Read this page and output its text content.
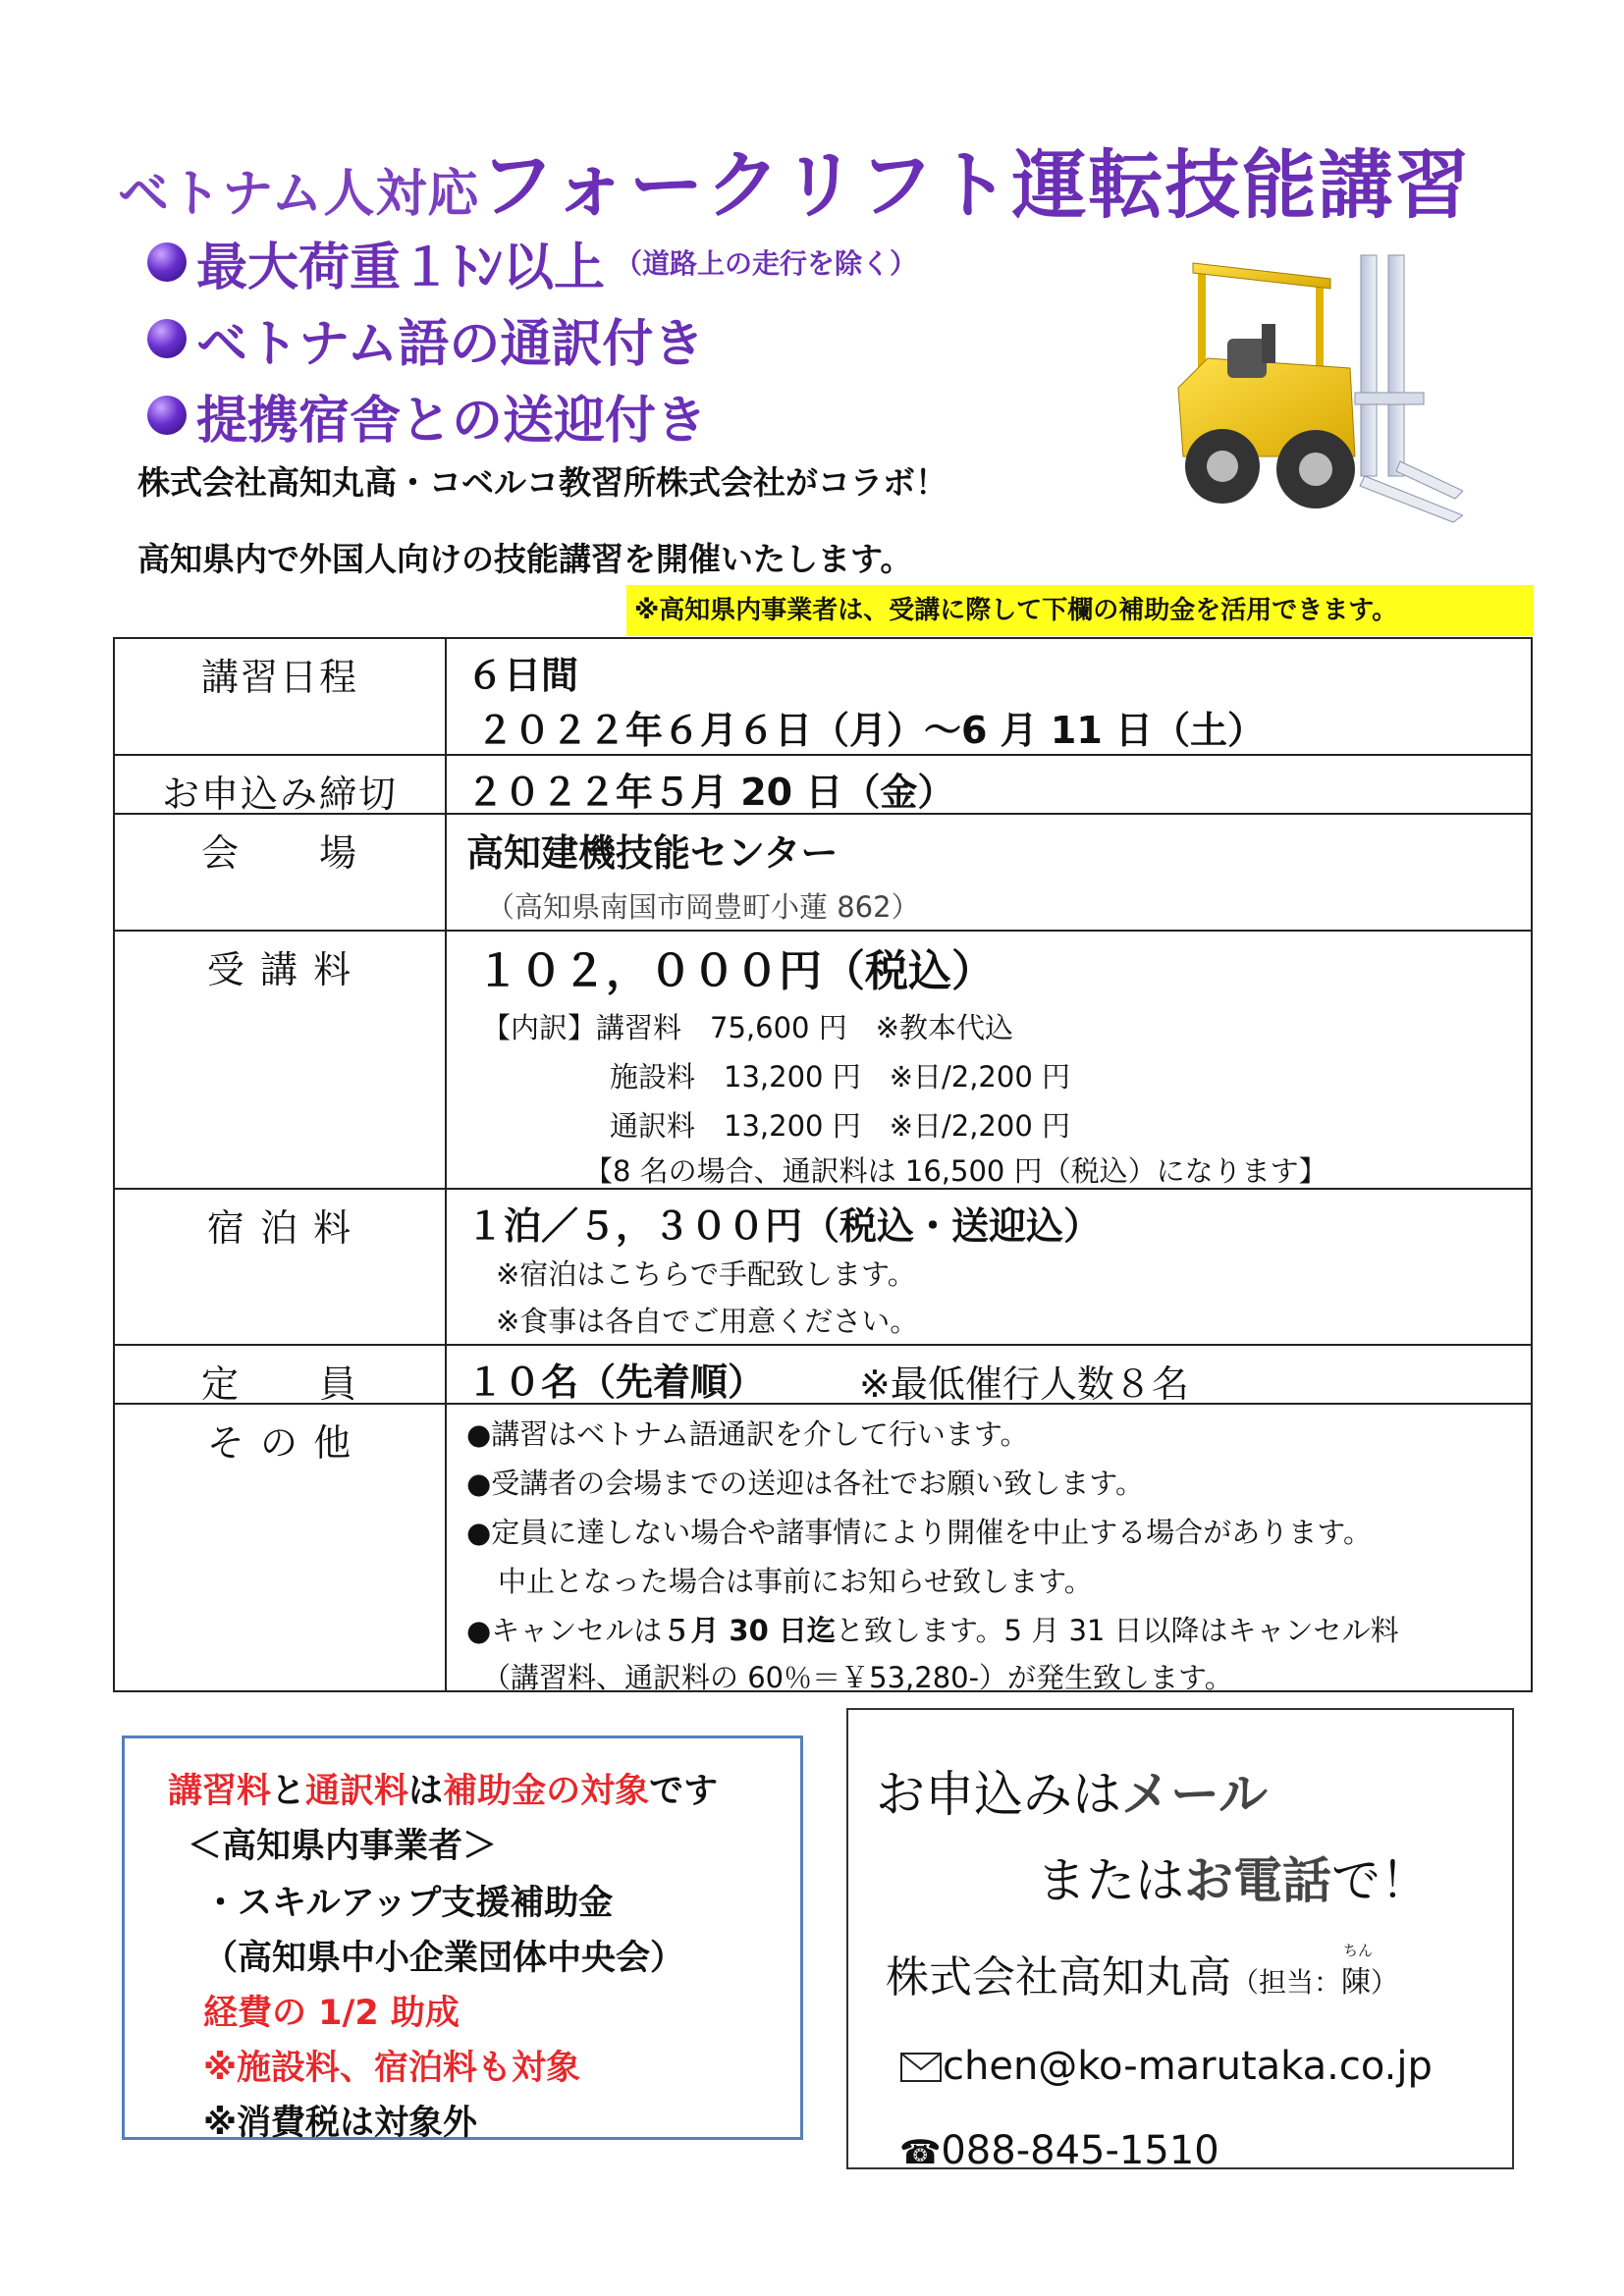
ベトナム人対応フォークリフト運転技能講習
最大荷重１ﾄﾝ以上 （道路上の走行を除く）
ベトナム語の通訳付き
提携宿舎との送迎付き
株式会社高知丸高・コベルコ教習所株式会社がコラボ！
高知県内で外国人向けの技能講習を開催いたします。
※高知県内事業者は、受講に際して下欄の補助金を活用できます。
講習日程	６日間
２０２２年６月６日（月）～6 月 11 日（土）
お申込み締切	２０２２年５月 20 日（金）
会　　場	高知建機技能センター
（高知県南国市岡豊町小蓮 862）
受 講 料	１０２，０００円（税込）
【内訳】講習料　75,600 円　※教本代込
施設料　13,200 円　※日/2,200 円
通訳料　13,200 円　※日/2,200 円
【8 名の場合、通訳料は 16,500 円（税込）になります】
宿 泊 料	１泊／５，３００円（税込・送迎込）
※宿泊はこちらで手配致します。
※食事は各自でご用意ください。
定　　員	１０名（先着順）	※最低催行人数８名
そ の 他	●講習はベトナム語通訳を介して行います。
●受講者の会場までの送迎は各社でお願い致します。
●定員に達しない場合や諸事情により開催を中止する場合があります。
中止となった場合は事前にお知らせ致します。
●キャンセルは５月 30 日迄と致します。5 月 31 日以降はキャンセル料
（講習料、通訳料の 60％＝￥53,280-）が発生致します。
講習料と通訳料は補助金の対象です
＜高知県内事業者＞
・スキルアップ支援補助金
（高知県中小企業団体中央会）
経費の 1/2 助成
※施設料、宿泊料も対象
※消費税は対象外
お申込みはメール
またはお電話で！
株式会社高知丸高（担当：
ちん
陳）
chen@ko-marutaka.co.jp
☎088-845-1510
